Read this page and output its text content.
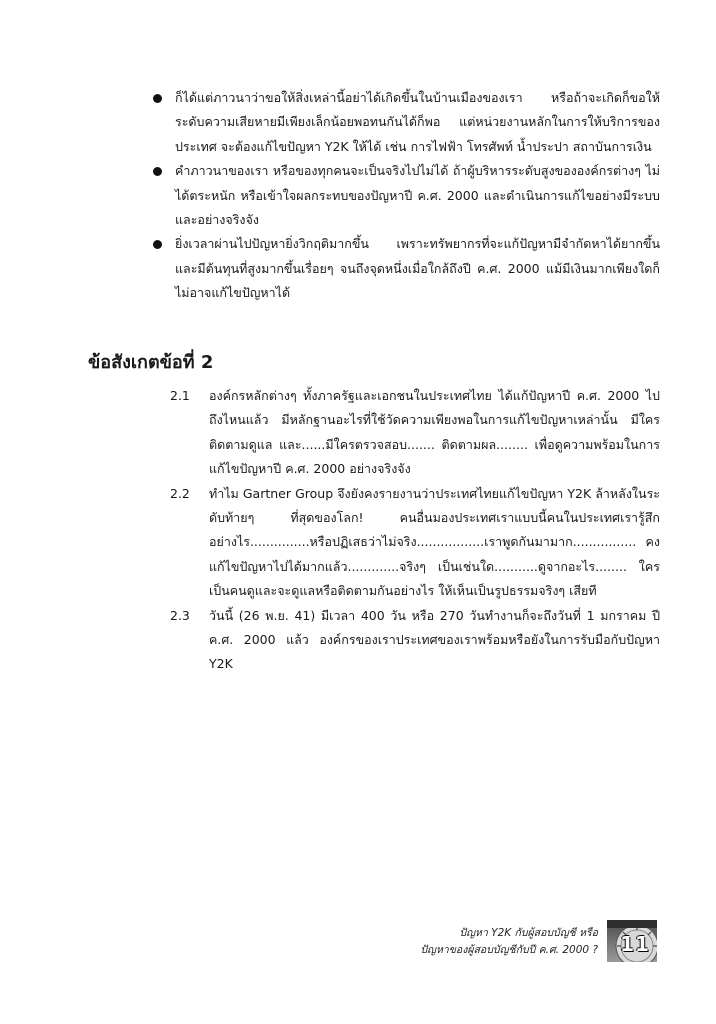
ก็ได้แต่ภาวนาว่าขอให้สิ่งเหล่านี้อย่าได้เกิดขึ้นในบ้านเมืองของเรา หรือถ้าจะเกิดก็ขอให้ระดับความเสียหายมีเพียงเล็กน้อยพอทนกันได้ก็พอ แต่หน่วยงานหลักในการให้บริการของประเทศ จะต้องแก้ไขปัญหา Y2K ให้ได้ เช่น การไฟฟ้า โทรศัพท์ น้ำประปา สถาบันการเงิน
คำภาวนาของเรา หรือของทุกคนจะเป็นจริงไปไม่ได้ ถ้าผู้บริหารระดับสูงขององค์กรต่างๆ ไม่ได้ตระหนัก หรือเข้าใจผลกระทบของปัญหาปี ค.ศ. 2000 และดำเนินการแก้ไขอย่างมีระบบและอย่างจริงจัง
ยิ่งเวลาผ่านไปปัญหายิ่งวิกฤติมากขึ้น เพราะทรัพยากรที่จะแก้ปัญหามีจำกัดหาได้ยากขึ้น และมีต้นทุนที่สูงมากขึ้นเรื่อยๆ จนถึงจุดหนึ่งเมื่อใกล้ถึงปี ค.ศ. 2000 แม้มีเงินมากเพียงใดก็ไม่อาจแก้ไขปัญหาได้
ข้อสังเกตข้อที่ 2
2.1 องค์กรหลักต่างๆ ทั้งภาครัฐและเอกชนในประเทศไทย ได้แก้ปัญหาปี ค.ศ. 2000 ไปถึงไหนแล้ว มีหลักฐานอะไรที่ใช้วัดความเพียงพอในการแก้ไขปัญหาเหล่านั้น มีใครติดตามดูแล และ......มีใครตรวจสอบ....... ติดตามผล........ เพื่อดูความพร้อมในการแก้ไขปัญหาปี ค.ศ. 2000 อย่างจริงจัง
2.2 ทำไม Gartner Group จึงยังคงรายงานว่าประเทศไทยแก้ไขปัญหา Y2K ล้าหลังในระดับท้ายๆ ที่สุดของโลก! คนอื่นมองประเทศเราแบบนี้คนในประเทศเรารู้สึกอย่างไร...............หรือปฏิเสธว่าไม่จริง.................เราพูดกันมามาก................ คงแก้ไขปัญหาไปได้มากแล้ว.............จริงๆ เป็นเช่นใด...........ดูจากอะไร........ ใครเป็นคนดูและจะดูแลหรือติดตามกันอย่างไร ให้เห็นเป็นรูปธรรมจริงๆ เสียที
2.3 วันนี้ (26 พ.ย. 41) มีเวลา 400 วัน หรือ 270 วันทำงานก็จะถึงวันที่ 1 มกราคม ปี ค.ศ. 2000 แล้ว องค์กรของเราประเทศของเราพร้อมหรือยังในการรับมือกับปัญหา Y2K
ปัญหา Y2K กับผู้สอบบัญชี หรือ
ปัญหาของผู้สอบบัญชีกับปี ค.ศ. 2000 ?	11
